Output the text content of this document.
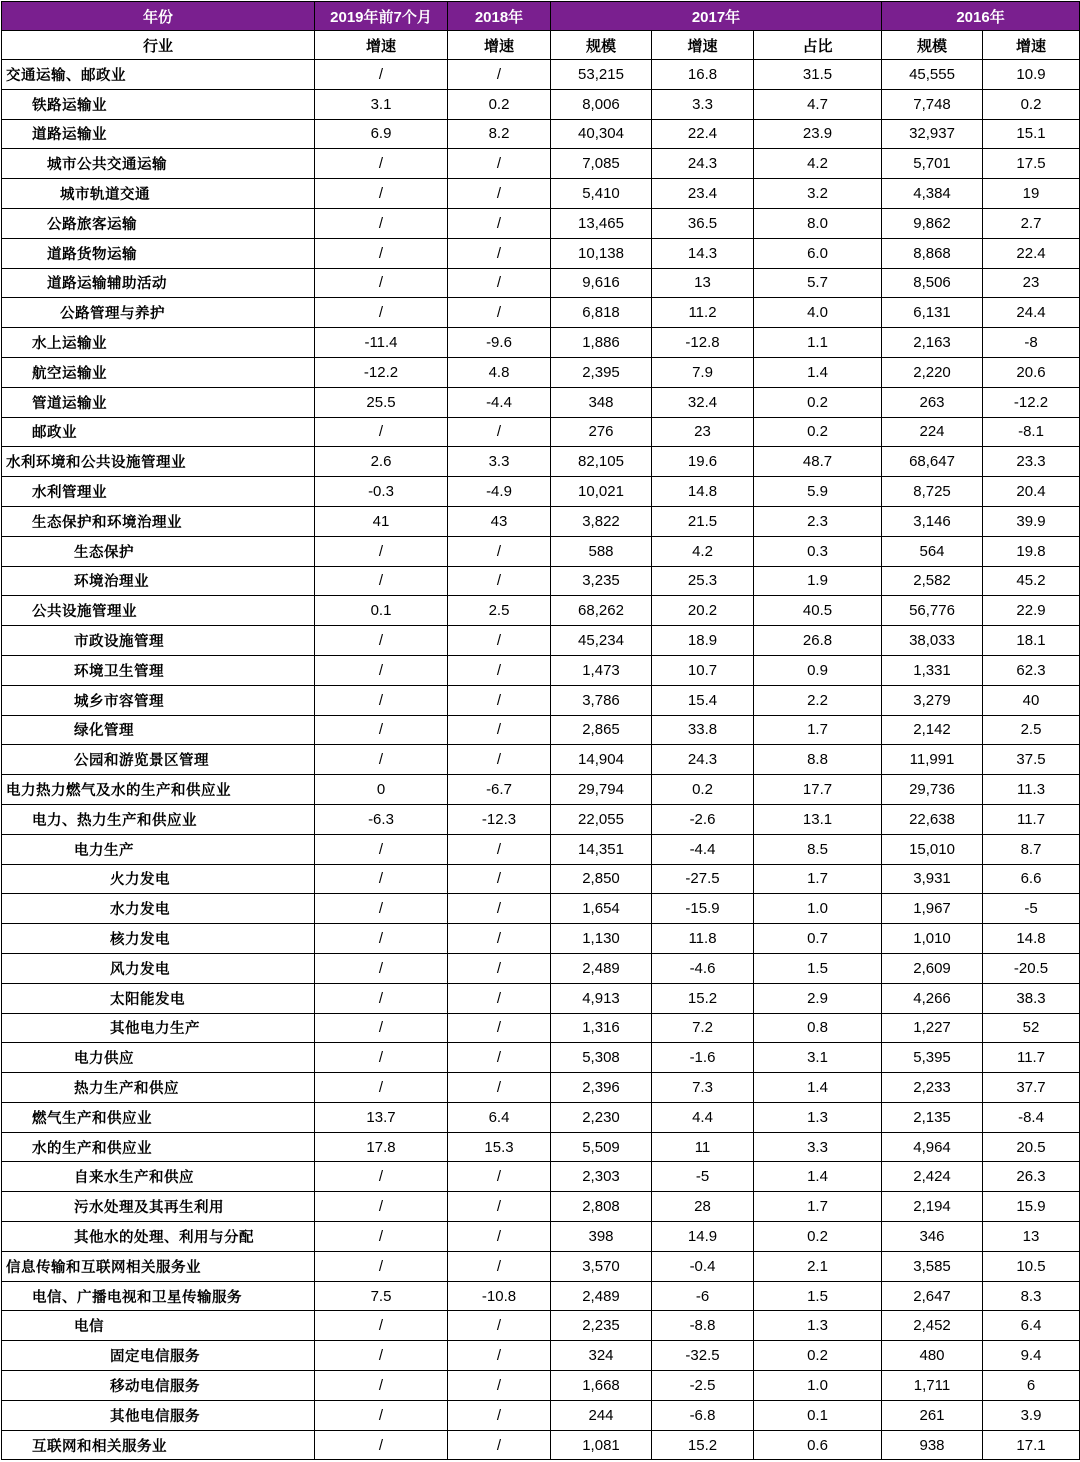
年份	2019年前7个月	2018年	2017年			2016年	
行业	增速	增速	规模	增速	占比	规模	增速
交通运输、邮政业	/	/	53,215	16.8	31.5	45,555	10.9
铁路运输业	3.1	0.2	8,006	3.3	4.7	7,748	0.2
道路运输业	6.9	8.2	40,304	22.4	23.9	32,937	15.1
城市公共交通运输	/	/	7,085	24.3	4.2	5,701	17.5
城市轨道交通	/	/	5,410	23.4	3.2	4,384	19
公路旅客运输	/	/	13,465	36.5	8.0	9,862	2.7
道路货物运输	/	/	10,138	14.3	6.0	8,868	22.4
道路运输辅助活动	/	/	9,616	13	5.7	8,506	23
公路管理与养护	/	/	6,818	11.2	4.0	6,131	24.4
水上运输业	-11.4	-9.6	1,886	-12.8	1.1	2,163	-8
航空运输业	-12.2	4.8	2,395	7.9	1.4	2,220	20.6
管道运输业	25.5	-4.4	348	32.4	0.2	263	-12.2
邮政业	/	/	276	23	0.2	224	-8.1
水利环境和公共设施管理业	2.6	3.3	82,105	19.6	48.7	68,647	23.3
水利管理业	-0.3	-4.9	10,021	14.8	5.9	8,725	20.4
生态保护和环境治理业	41	43	3,822	21.5	2.3	3,146	39.9
生态保护	/	/	588	4.2	0.3	564	19.8
环境治理业	/	/	3,235	25.3	1.9	2,582	45.2
公共设施管理业	0.1	2.5	68,262	20.2	40.5	56,776	22.9
市政设施管理	/	/	45,234	18.9	26.8	38,033	18.1
环境卫生管理	/	/	1,473	10.7	0.9	1,331	62.3
城乡市容管理	/	/	3,786	15.4	2.2	3,279	40
绿化管理	/	/	2,865	33.8	1.7	2,142	2.5
公园和游览景区管理	/	/	14,904	24.3	8.8	11,991	37.5
电力热力燃气及水的生产和供应业	0	-6.7	29,794	0.2	17.7	29,736	11.3
电力、热力生产和供应业	-6.3	-12.3	22,055	-2.6	13.1	22,638	11.7
电力生产	/	/	14,351	-4.4	8.5	15,010	8.7
火力发电	/	/	2,850	-27.5	1.7	3,931	6.6
水力发电	/	/	1,654	-15.9	1.0	1,967	-5
核力发电	/	/	1,130	11.8	0.7	1,010	14.8
风力发电	/	/	2,489	-4.6	1.5	2,609	-20.5
太阳能发电	/	/	4,913	15.2	2.9	4,266	38.3
其他电力生产	/	/	1,316	7.2	0.8	1,227	52
电力供应	/	/	5,308	-1.6	3.1	5,395	11.7
热力生产和供应	/	/	2,396	7.3	1.4	2,233	37.7
燃气生产和供应业	13.7	6.4	2,230	4.4	1.3	2,135	-8.4
水的生产和供应业	17.8	15.3	5,509	11	3.3	4,964	20.5
自来水生产和供应	/	/	2,303	-5	1.4	2,424	26.3
污水处理及其再生利用	/	/	2,808	28	1.7	2,194	15.9
其他水的处理、利用与分配	/	/	398	14.9	0.2	346	13
信息传输和互联网相关服务业	/	/	3,570	-0.4	2.1	3,585	10.5
电信、广播电视和卫星传输服务	7.5	-10.8	2,489	-6	1.5	2,647	8.3
电信	/	/	2,235	-8.8	1.3	2,452	6.4
固定电信服务	/	/	324	-32.5	0.2	480	9.4
移动电信服务	/	/	1,668	-2.5	1.0	1,711	6
其他电信服务	/	/	244	-6.8	0.1	261	3.9
互联网和相关服务业	/	/	1,081	15.2	0.6	938	17.1
